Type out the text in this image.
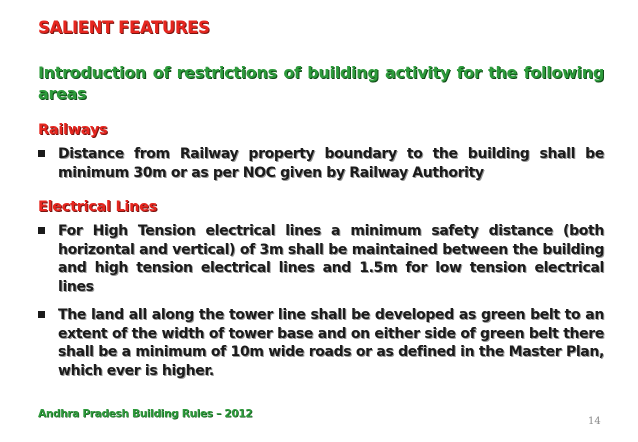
SALIENT FEATURES
Introduction of restrictions of building activity for the following areas
Railways
Distance from Railway property boundary to the building shall be minimum 30m or as per NOC given by Railway Authority
Electrical Lines
For High Tension electrical lines a minimum safety distance (both horizontal and vertical) of 3m shall be maintained between the building and high tension electrical lines and 1.5m for low tension electrical lines
The land all along the tower line shall be developed as green belt to an extent of the width of tower base and on either side of green belt there shall be a minimum of 10m wide roads or as defined in the Master Plan, which ever is higher.
Andhra Pradesh Building Rules – 2012
14
